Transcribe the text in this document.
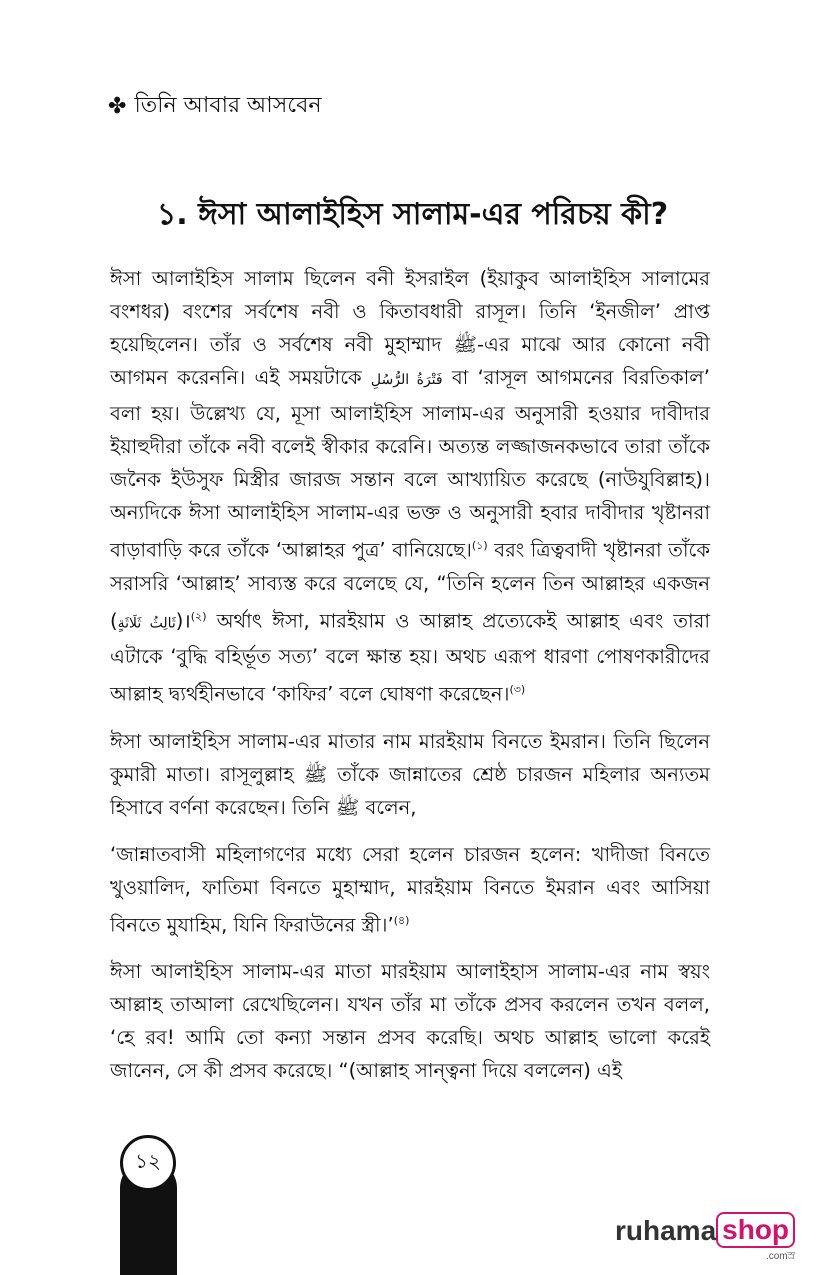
✤ তিনি আবার আসবেন
১. ঈসা আলাইহিস সালাম-এর পরিচয় কী?

ঈসা আলাইহিস সালাম ছিলেন বনী ইসরাইল (ইয়াকুব আলাইহিস সালামের বংশধর) বংশের সর্বশেষ নবী ও কিতাবধারী রাসূল। তিনি ‘ইনজীল’ প্রাপ্ত হয়েছিলেন। তাঁর ও সর্বশেষ নবী মুহাম্মাদ ﷺ-এর মাঝে আর কোনো নবী আগমন করেননি। এই সময়টাকে فَتْرَةُ الرُّسُلِ বা ‘রাসূল আগমনের বিরতিকাল’ বলা হয়। উল্লেখ্য যে, মূসা আলাইহিস সালাম-এর অনুসারী হওয়ার দাবীদার ইয়াহুদীরা তাঁকে নবী বলেই স্বীকার করেনি। অত্যন্ত লজ্জাজনকভাবে তারা তাঁকে জনৈক ইউসুফ মিস্ত্রীর জারজ সন্তান বলে আখ্যায়িত করেছে (নাউযুবিল্লাহ)। অন্যদিকে ঈসা আলাইহিস সালাম-এর ভক্ত ও অনুসারী হবার দাবীদার খৃষ্টানরা বাড়াবাড়ি করে তাঁকে ‘আল্লাহর পুত্র’ বানিয়েছে।$^{(১)}$ বরং ত্রিত্ববাদী খৃষ্টানরা তাঁকে সরাসরি ‘আল্লাহ’ সাব্যস্ত করে বলেছে যে, “তিনি হলেন তিন আল্লাহর একজন (ثَالِثُ ثَلَاثَةٍ)।$^{(২)}$ অর্থাৎ ঈসা, মারইয়াম ও আল্লাহ প্রত্যেকেই আল্লাহ এবং তারা এটাকে ‘বুদ্ধি বহির্ভূত সত্য’ বলে ক্ষান্ত হয়। অথচ এরূপ ধারণা পোষণকারীদের আল্লাহ দ্ব্যর্থহীনভাবে ‘কাফির’ বলে ঘোষণা করেছেন।$^{(৩)}$

ঈসা আলাইহিস সালাম-এর মাতার নাম মারইয়াম বিনতে ইমরান। তিনি ছিলেন কুমারী মাতা। রাসূলুল্লাহ ﷺ তাঁকে জান্নাতের শ্রেষ্ঠ চারজন মহিলার অন্যতম হিসাবে বর্ণনা করেছেন। তিনি ﷺ বলেন,

‘জান্নাতবাসী মহিলাগণের মধ্যে সেরা হলেন চারজন হলেন: খাদীজা বিনতে খুওয়ালিদ, ফাতিমা বিনতে মুহাম্মাদ, মারইয়াম বিনতে ইমরান এবং আসিয়া বিনতে মুযাহিম, যিনি ফিরাউনের স্ত্রী।’$^{(৪)}$

ঈসা আলাইহিস সালাম-এর মাতা মারইয়াম আলাইহাস সালাম-এর নাম স্বয়ং আল্লাহ তাআলা রেখেছিলেন। যখন তাঁর মা তাঁকে প্রসব করলেন তখন বলল, ‘হে রব! আমি তো কন্যা সন্তান প্রসব করেছি। অথচ আল্লাহ ভালো করেই জানেন, সে কী প্রসব করেছে। “(আল্লাহ সান্ত্বনা দিয়ে বললেন) এই

১২
ruhama shop
.comস্র
